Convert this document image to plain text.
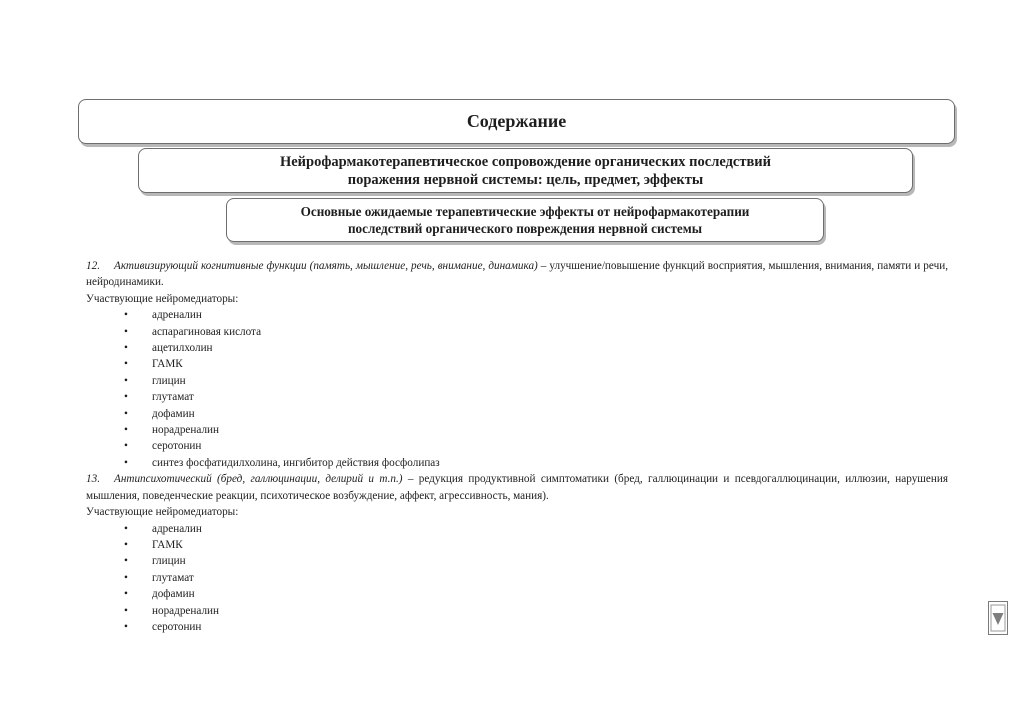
Содержание
Нейрофармакотерапевтическое сопровождение органических последствий
поражения нервной системы: цель, предмет, эффекты
Основные ожидаемые терапевтические эффекты от нейрофармакотерапии
последствий органического повреждения нервной системы
12. Активизирующий когнитивные функции (память, мышление, речь, внимание, динамика) – улучшение/повышение функций восприятия, мышления, внимания, памяти и речи, нейродинамики.
Участвующие нейромедиаторы:
• адреналин
• аспарагиновая кислота
• ацетилхолин
• ГАМК
• глицин
• глутамат
• дофамин
• норадреналин
• серотонин
• синтез фосфатидилхолина, ингибитор действия фосфолипаз
13. Антипсихотический (бред, галлюцинации, делирий и т.п.) – редукция продуктивной симптоматики (бред, галлюцинации и псевдогаллюцинации, иллюзии, нарушения мышления, поведенческие реакции, психотическое возбуждение, аффект, агрессивность, мания).
Участвующие нейромедиаторы:
• адреналин
• ГАМК
• глицин
• глутамат
• дофамин
• норадреналин
• серотонин
